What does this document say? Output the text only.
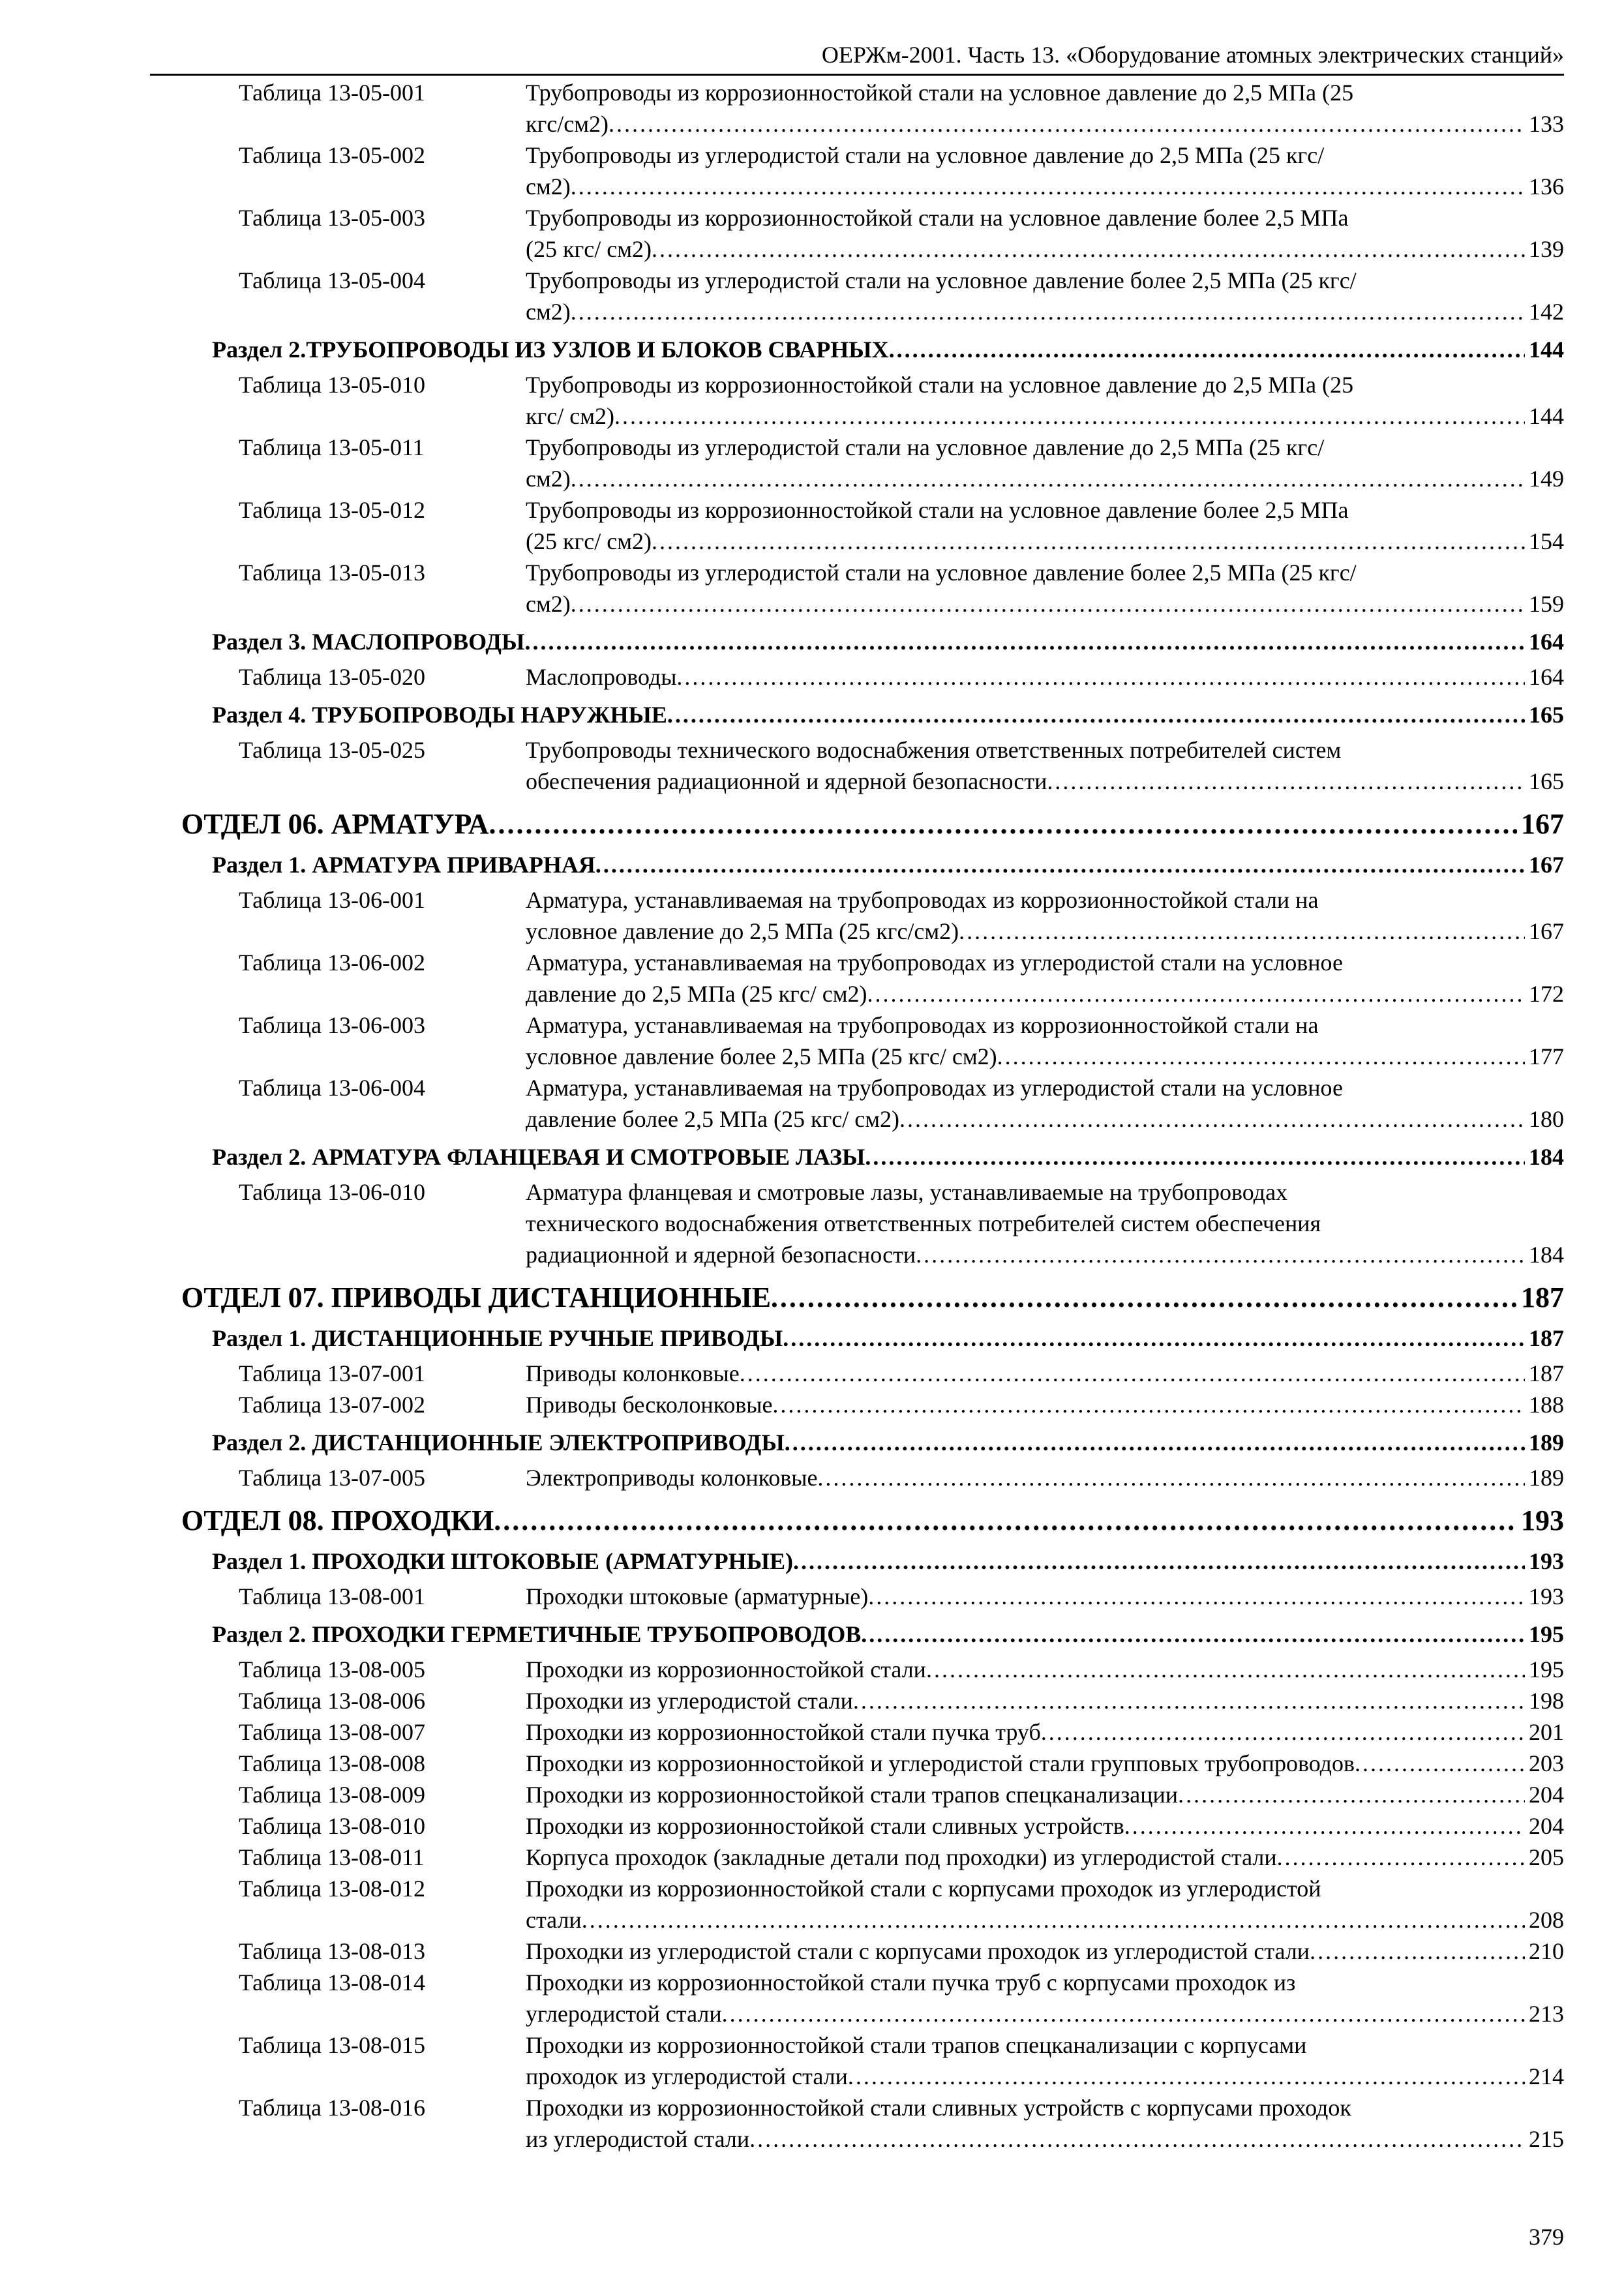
ОЕРЖм-2001. Часть 13. «Оборудование атомных электрических станций»
Таблица 13-05-001	Трубопроводы из коррозионностойкой стали на условное давление до 2,5 МПа (25
кгс/см2) .....	133
Таблица 13-05-002	Трубопроводы из углеродистой стали на условное давление до 2,5 МПа (25 кгс/
см2) .....	136
Таблица 13-05-003	Трубопроводы из коррозионностойкой стали на условное давление более 2,5 МПа
(25 кгс/ см2) .....	139
Таблица 13-05-004	Трубопроводы из углеродистой стали на условное давление более 2,5 МПа (25 кгс/
см2) .....	142
Раздел 2.ТРУБОПРОВОДЫ ИЗ УЗЛОВ И БЛОКОВ СВАРНЫХ .....	144
Таблица 13-05-010	Трубопроводы из коррозионностойкой стали на условное давление до 2,5 МПа (25
кгс/ см2) .....	144
Таблица 13-05-011	Трубопроводы из углеродистой стали на условное давление до 2,5 МПа (25 кгс/
см2) .....	149
Таблица 13-05-012	Трубопроводы из коррозионностойкой стали на условное давление более 2,5 МПа
(25 кгс/ см2) .....	154
Таблица 13-05-013	Трубопроводы из углеродистой стали на условное давление более 2,5 МПа (25 кгс/
см2) .....	159
Раздел 3. МАСЛОПРОВОДЫ .....	164
Таблица 13-05-020	Маслопроводы .....	164
Раздел 4. ТРУБОПРОВОДЫ НАРУЖНЫЕ .....	165
Таблица 13-05-025	Трубопроводы технического водоснабжения ответственных потребителей систем
обеспечения радиационной и ядерной безопасности .....	165
ОТДЕЛ 06. АРМАТУРА .....	167
Раздел 1. АРМАТУРА ПРИВАРНАЯ .....	167
Таблица 13-06-001	Арматура, устанавливаемая на трубопроводах из коррозионностойкой стали на
условное давление до 2,5 МПа (25 кгс/см2) .....	167
Таблица 13-06-002	Арматура, устанавливаемая на трубопроводах из углеродистой стали на условное
давление до 2,5 МПа (25 кгс/ см2) .....	172
Таблица 13-06-003	Арматура, устанавливаемая на трубопроводах из коррозионностойкой стали на
условное давление более 2,5 МПа (25 кгс/ см2) .....	177
Таблица 13-06-004	Арматура, устанавливаемая на трубопроводах из углеродистой стали на условное
давление более 2,5 МПа (25 кгс/ см2) .....	180
Раздел 2. АРМАТУРА ФЛАНЦЕВАЯ И СМОТРОВЫЕ ЛАЗЫ .....	184
Таблица 13-06-010	Арматура фланцевая и смотровые лазы, устанавливаемые на трубопроводах
технического водоснабжения ответственных потребителей систем обеспечения
радиационной и ядерной безопасности .....	184
ОТДЕЛ 07. ПРИВОДЫ ДИСТАНЦИОННЫЕ .....	187
Раздел 1. ДИСТАНЦИОННЫЕ РУЧНЫЕ ПРИВОДЫ .....	187
Таблица 13-07-001	Приводы колонковые .....	187
Таблица 13-07-002	Приводы бесколонковые .....	188
Раздел 2. ДИСТАНЦИОННЫЕ ЭЛЕКТРОПРИВОДЫ .....	189
Таблица 13-07-005	Электроприводы колонковые .....	189
ОТДЕЛ 08. ПРОХОДКИ .....	193
Раздел 1. ПРОХОДКИ ШТОКОВЫЕ (АРМАТУРНЫЕ) .....	193
Таблица 13-08-001	Проходки штоковые (арматурные) .....	193
Раздел 2. ПРОХОДКИ ГЕРМЕТИЧНЫЕ ТРУБОПРОВОДОВ .....	195
Таблица 13-08-005	Проходки из коррозионностойкой стали .....	195
Таблица 13-08-006	Проходки из углеродистой стали .....	198
Таблица 13-08-007	Проходки из коррозионностойкой стали пучка труб .....	201
Таблица 13-08-008	Проходки из коррозионностойкой и углеродистой стали групповых трубопроводов .....	203
Таблица 13-08-009	Проходки из коррозионностойкой стали трапов спецканализации .....	204
Таблица 13-08-010	Проходки из коррозионностойкой стали сливных устройств .....	204
Таблица 13-08-011	Корпуса проходок (закладные детали под проходки) из углеродистой стали .....	205
Таблица 13-08-012	Проходки из коррозионностойкой стали с корпусами проходок из углеродистой
стали .....	208
Таблица 13-08-013	Проходки из углеродистой стали с корпусами проходок из углеродистой стали .....	210
Таблица 13-08-014	Проходки из коррозионностойкой стали пучка труб с корпусами проходок из
углеродистой стали .....	213
Таблица 13-08-015	Проходки из коррозионностойкой стали трапов спецканализации с корпусами
проходок из углеродистой стали .....	214
Таблица 13-08-016	Проходки из коррозионностойкой стали сливных устройств с корпусами проходок
из углеродистой стали .....	215
379
